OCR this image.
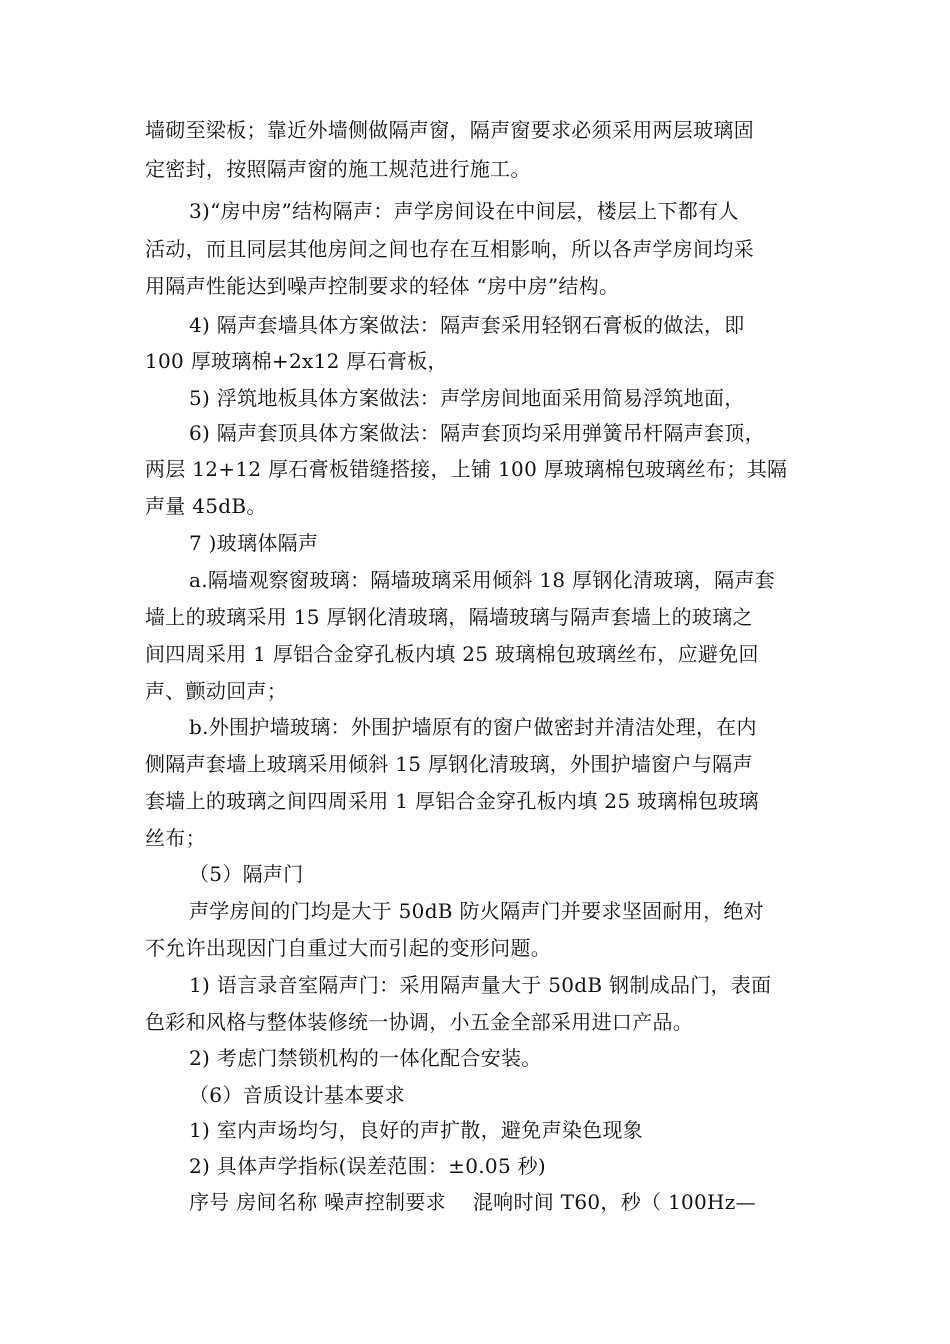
墙砌至梁板；靠近外墙侧做隔声窗，隔声窗要求必须采用两层玻璃固
定密封，按照隔声窗的施工规范进行施工。
3)“房中房”结构隔声：声学房间设在中间层，楼层上下都有人
活动，而且同层其他房间之间也存在互相影响，所以各声学房间均采
用隔声性能达到噪声控制要求的轻体 “房中房”结构。
4) 隔声套墙具体方案做法：隔声套采用轻钢石膏板的做法，即
100 厚玻璃棉+2x12 厚石膏板，
5) 浮筑地板具体方案做法：声学房间地面采用简易浮筑地面，
6) 隔声套顶具体方案做法：隔声套顶均采用弹簧吊杆隔声套顶，
两层 12+12 厚石膏板错缝搭接，上铺 100 厚玻璃棉包玻璃丝布；其隔
声量 45dB。
7 )玻璃体隔声
a.隔墙观察窗玻璃：隔墙玻璃采用倾斜 18 厚钢化清玻璃，隔声套
墙上的玻璃采用 15 厚钢化清玻璃，隔墙玻璃与隔声套墙上的玻璃之
间四周采用 1 厚铝合金穿孔板内填 25 玻璃棉包玻璃丝布，应避免回
声、颤动回声；
b.外围护墙玻璃：外围护墙原有的窗户做密封并清洁处理，在内
侧隔声套墙上玻璃采用倾斜 15 厚钢化清玻璃，外围护墙窗户与隔声
套墙上的玻璃之间四周采用 1 厚铝合金穿孔板内填 25 玻璃棉包玻璃
丝布；
（5）隔声门
声学房间的门均是大于 50dB 防火隔声门并要求坚固耐用，绝对
不允许出现因门自重过大而引起的变形问题。
1) 语言录音室隔声门：采用隔声量大于 50dB 钢制成品门，表面
色彩和风格与整体装修统一协调，小五金全部采用进口产品。
2) 考虑门禁锁机构的一体化配合安装。
（6）音质设计基本要求
1) 室内声场均匀，良好的声扩散，避免声染色现象
2) 具体声学指标(误差范围：±0.05 秒)
序号 房间名称 噪声控制要求 　混响时间 T60，秒（ 100Hz—
